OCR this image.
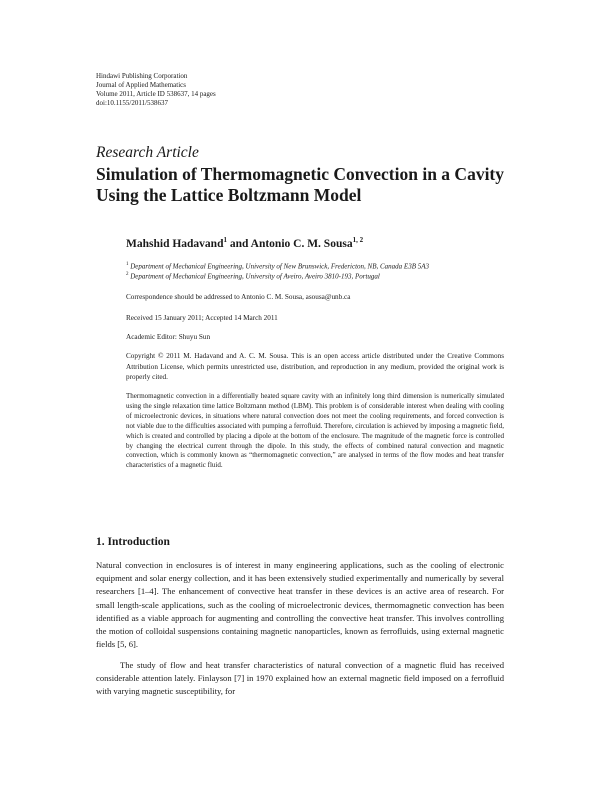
Hindawi Publishing Corporation
Journal of Applied Mathematics
Volume 2011, Article ID 538637, 14 pages
doi:10.1155/2011/538637
Research Article
Simulation of Thermomagnetic Convection in a Cavity Using the Lattice Boltzmann Model
Mahshid Hadavand$^1$ and Antonio C. M. Sousa$^{1, 2}$
$^1$ Department of Mechanical Engineering, University of New Brunswick, Fredericton, NB, Canada E3B 5A3
$^2$ Department of Mechanical Engineering, University of Aveiro, Aveiro 3810-193, Portugal
Correspondence should be addressed to Antonio C. M. Sousa, asousa@unb.ca
Received 15 January 2011; Accepted 14 March 2011
Academic Editor: Shuyu Sun
Copyright © 2011 M. Hadavand and A. C. M. Sousa. This is an open access article distributed under the Creative Commons Attribution License, which permits unrestricted use, distribution, and reproduction in any medium, provided the original work is properly cited.
Thermomagnetic convection in a differentially heated square cavity with an infinitely long third dimension is numerically simulated using the single relaxation time lattice Boltzmann method (LBM). This problem is of considerable interest when dealing with cooling of microelectronic devices, in situations where natural convection does not meet the cooling requirements, and forced convection is not viable due to the difficulties associated with pumping a ferrofluid. Therefore, circulation is achieved by imposing a magnetic field, which is created and controlled by placing a dipole at the bottom of the enclosure. The magnitude of the magnetic force is controlled by changing the electrical current through the dipole. In this study, the effects of combined natural convection and magnetic convection, which is commonly known as “thermomagnetic convection,” are analysed in terms of the flow modes and heat transfer characteristics of a magnetic fluid.
1. Introduction

Natural convection in enclosures is of interest in many engineering applications, such as the cooling of electronic equipment and solar energy collection, and it has been extensively studied experimentally and numerically by several researchers [1–4]. The enhancement of convective heat transfer in these devices is an active area of research. For small length-scale applications, such as the cooling of microelectronic devices, thermomagnetic convection has been identified as a viable approach for augmenting and controlling the convective heat transfer. This involves controlling the motion of colloidal suspensions containing magnetic nanoparticles, known as ferrofluids, using external magnetic fields [5, 6].

The study of flow and heat transfer characteristics of natural convection of a magnetic fluid has received considerable attention lately. Finlayson [7] in 1970 explained how an external magnetic field imposed on a ferrofluid with varying magnetic susceptibility, for
